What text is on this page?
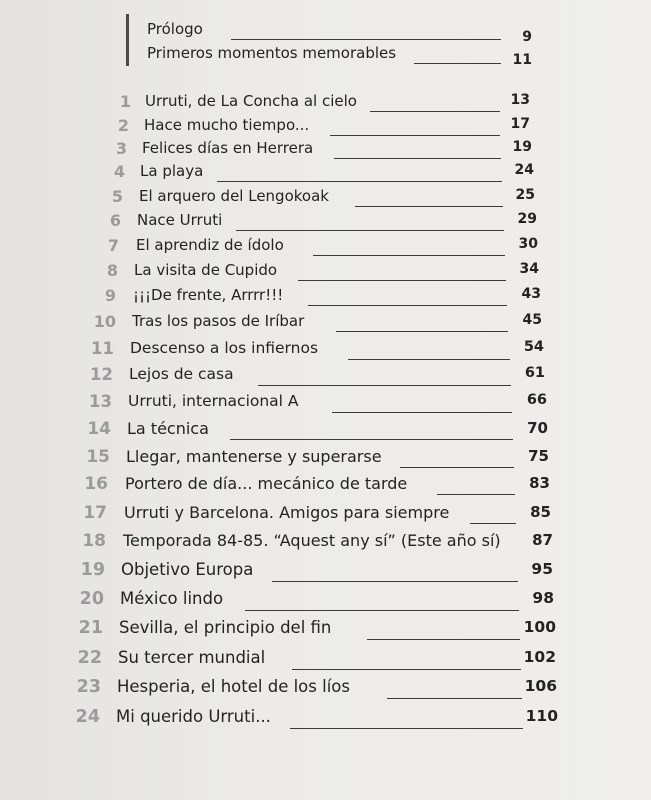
Prólogo	9
Primeros momentos memorables	11
1 Urruti, de La Concha al cielo	13
2 Hace mucho tiempo...	17
3 Felices días en Herrera	19
4 La playa	24
5 El arquero del Lengokoak	25
6 Nace Urruti	29
7 El aprendiz de ídolo	30
8 La visita de Cupido	34
9 ¡¡¡De frente, Arrrr!!!	43
10 Tras los pasos de Iríbar	45
11 Descenso a los infiernos	54
12 Lejos de casa	61
13 Urruti, internacional A	66
14 La técnica	70
15 Llegar, mantenerse y superarse	75
16 Portero de día... mecánico de tarde	83
17 Urruti y Barcelona. Amigos para siempre	85
18 Temporada 84-85. “Aquest any sí” (Este año sí)	87
19 Objetivo Europa	95
20 México lindo	98
21 Sevilla, el principio del fin	100
22 Su tercer mundial	102
23 Hesperia, el hotel de los líos	106
24 Mi querido Urruti...	110
